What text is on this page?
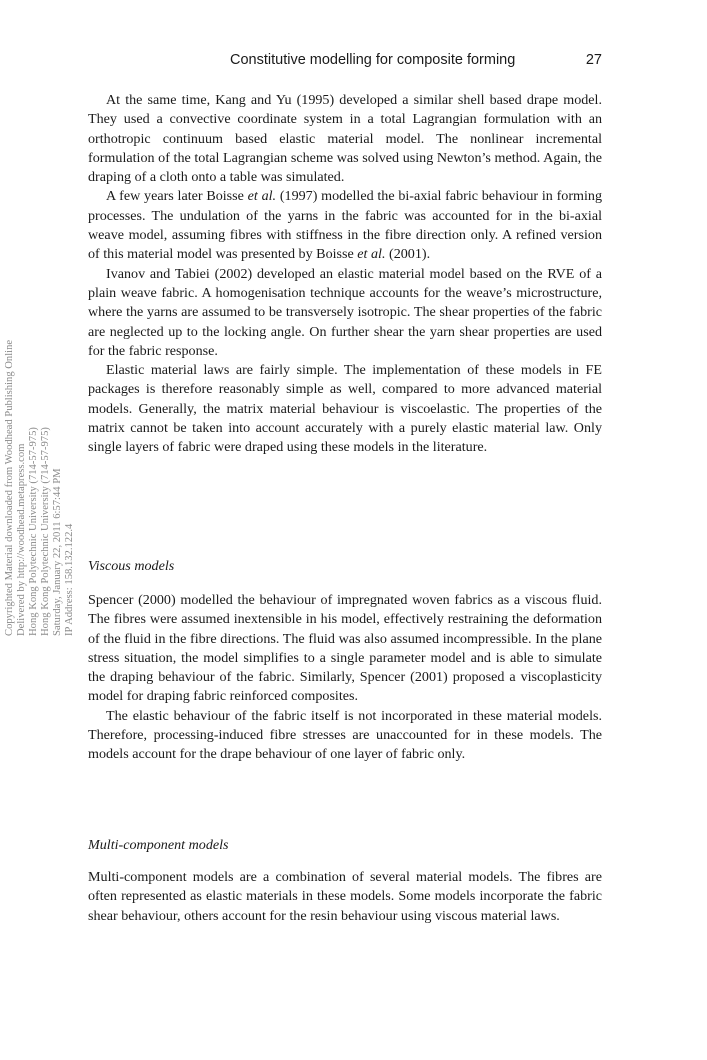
Constitutive modelling for composite forming	27
Copyrighted Material downloaded from Woodhead Publishing Online Delivered by http://woodhead.metapress.com Hong Kong Polytechnic University (714-57-975) Hong Kong Polytechnic University (714-57-975) Saturday, January 22, 2011 6:57:44 PM IP Address: 158.132.122.4

At the same time, Kang and Yu (1995) developed a similar shell based drape model. They used a convective coordinate system in a total Lagrangian formulation with an orthotropic continuum based elastic material model. The nonlinear incremental formulation of the total Lagrangian scheme was solved using Newton’s method. Again, the draping of a cloth onto a table was simulated.

A few years later Boisse et al. (1997) modelled the bi-axial fabric behaviour in forming processes. The undulation of the yarns in the fabric was accounted for in the bi-axial weave model, assuming fibres with stiffness in the fibre direction only. A refined version of this material model was presented by Boisse et al. (2001).

Ivanov and Tabiei (2002) developed an elastic material model based on the RVE of a plain weave fabric. A homogenisation technique accounts for the weave’s microstructure, where the yarns are assumed to be transversely isotropic. The shear properties of the fabric are neglected up to the locking angle. On further shear the yarn shear properties are used for the fabric response.

Elastic material laws are fairly simple. The implementation of these models in FE packages is therefore reasonably simple as well, compared to more advanced material models. Generally, the matrix material behaviour is viscoelastic. The properties of the matrix cannot be taken into account accurately with a purely elastic material law. Only single layers of fabric were draped using these models in the literature.

Viscous models

Spencer (2000) modelled the behaviour of impregnated woven fabrics as a viscous fluid. The fibres were assumed inextensible in his model, effectively restraining the deformation of the fluid in the fibre directions. The fluid was also assumed incompressible. In the plane stress situation, the model simplifies to a single parameter model and is able to simulate the draping behaviour of the fabric. Similarly, Spencer (2001) proposed a viscoplasticity model for draping fabric reinforced composites.

The elastic behaviour of the fabric itself is not incorporated in these material models. Therefore, processing-induced fibre stresses are unaccounted for in these models. The models account for the drape behaviour of one layer of fabric only.

Multi-component models

Multi-component models are a combination of several material models. The fibres are often represented as elastic materials in these models. Some models incorporate the fabric shear behaviour, others account for the resin behaviour using viscous material laws.
